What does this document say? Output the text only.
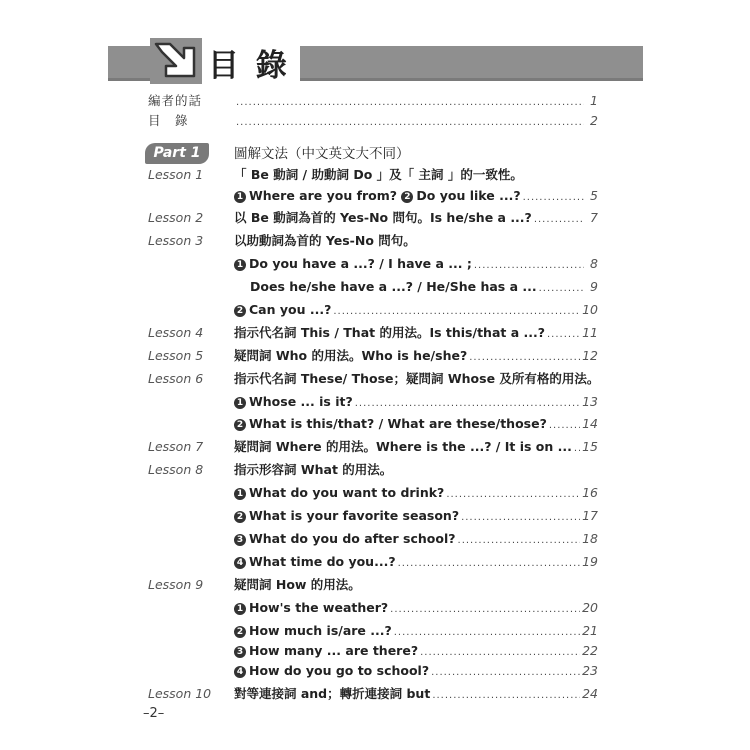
目 錄
編者的話 .....	1
目　錄 .....	2
Part 1	圖解文法（中文英文大不同）
Lesson 1 「 Be 動詞 / 助動詞 Do 」及「 主詞 」的一致性。
1 Where are you from? 2 Do you like ...? .....	5
Lesson 2 以 Be 動詞為首的 Yes-No 問句。Is he/she a ...? .....	7
Lesson 3 以助動詞為首的 Yes-No 問句。
1 Do you have a ...? / I have a ... ; .....	8
Does he/she have a ...? / He/She has a ... .....	9
2 Can you ...? .....	10
Lesson 4 指示代名詞 This / That 的用法。Is this/that a ...? .....	11
Lesson 5 疑問詞 Who 的用法。Who is he/she? .....	12
Lesson 6 指示代名詞 These/ Those；疑問詞 Whose 及所有格的用法。
1 Whose ... is it? .....	13
2 What is this/that? / What are these/those? .....	14
Lesson 7 疑問詞 Where 的用法。Where is the ...? / It is on ... ..... 15
Lesson 8 指示形容詞 What 的用法。
1 What do you want to drink? .....	16
2 What is your favorite season? .....	17
3 What do you do after school? .....	18
4 What time do you...? .....	19
Lesson 9 疑問詞 How 的用法。
1 How's the weather? .....	20
2 How much is/are ...? .....	21
3 How many ... are there? .....	22
4 How do you go to school? .....	23
Lesson 10 對等連接詞 and；轉折連接詞 but .....	24
–2–
